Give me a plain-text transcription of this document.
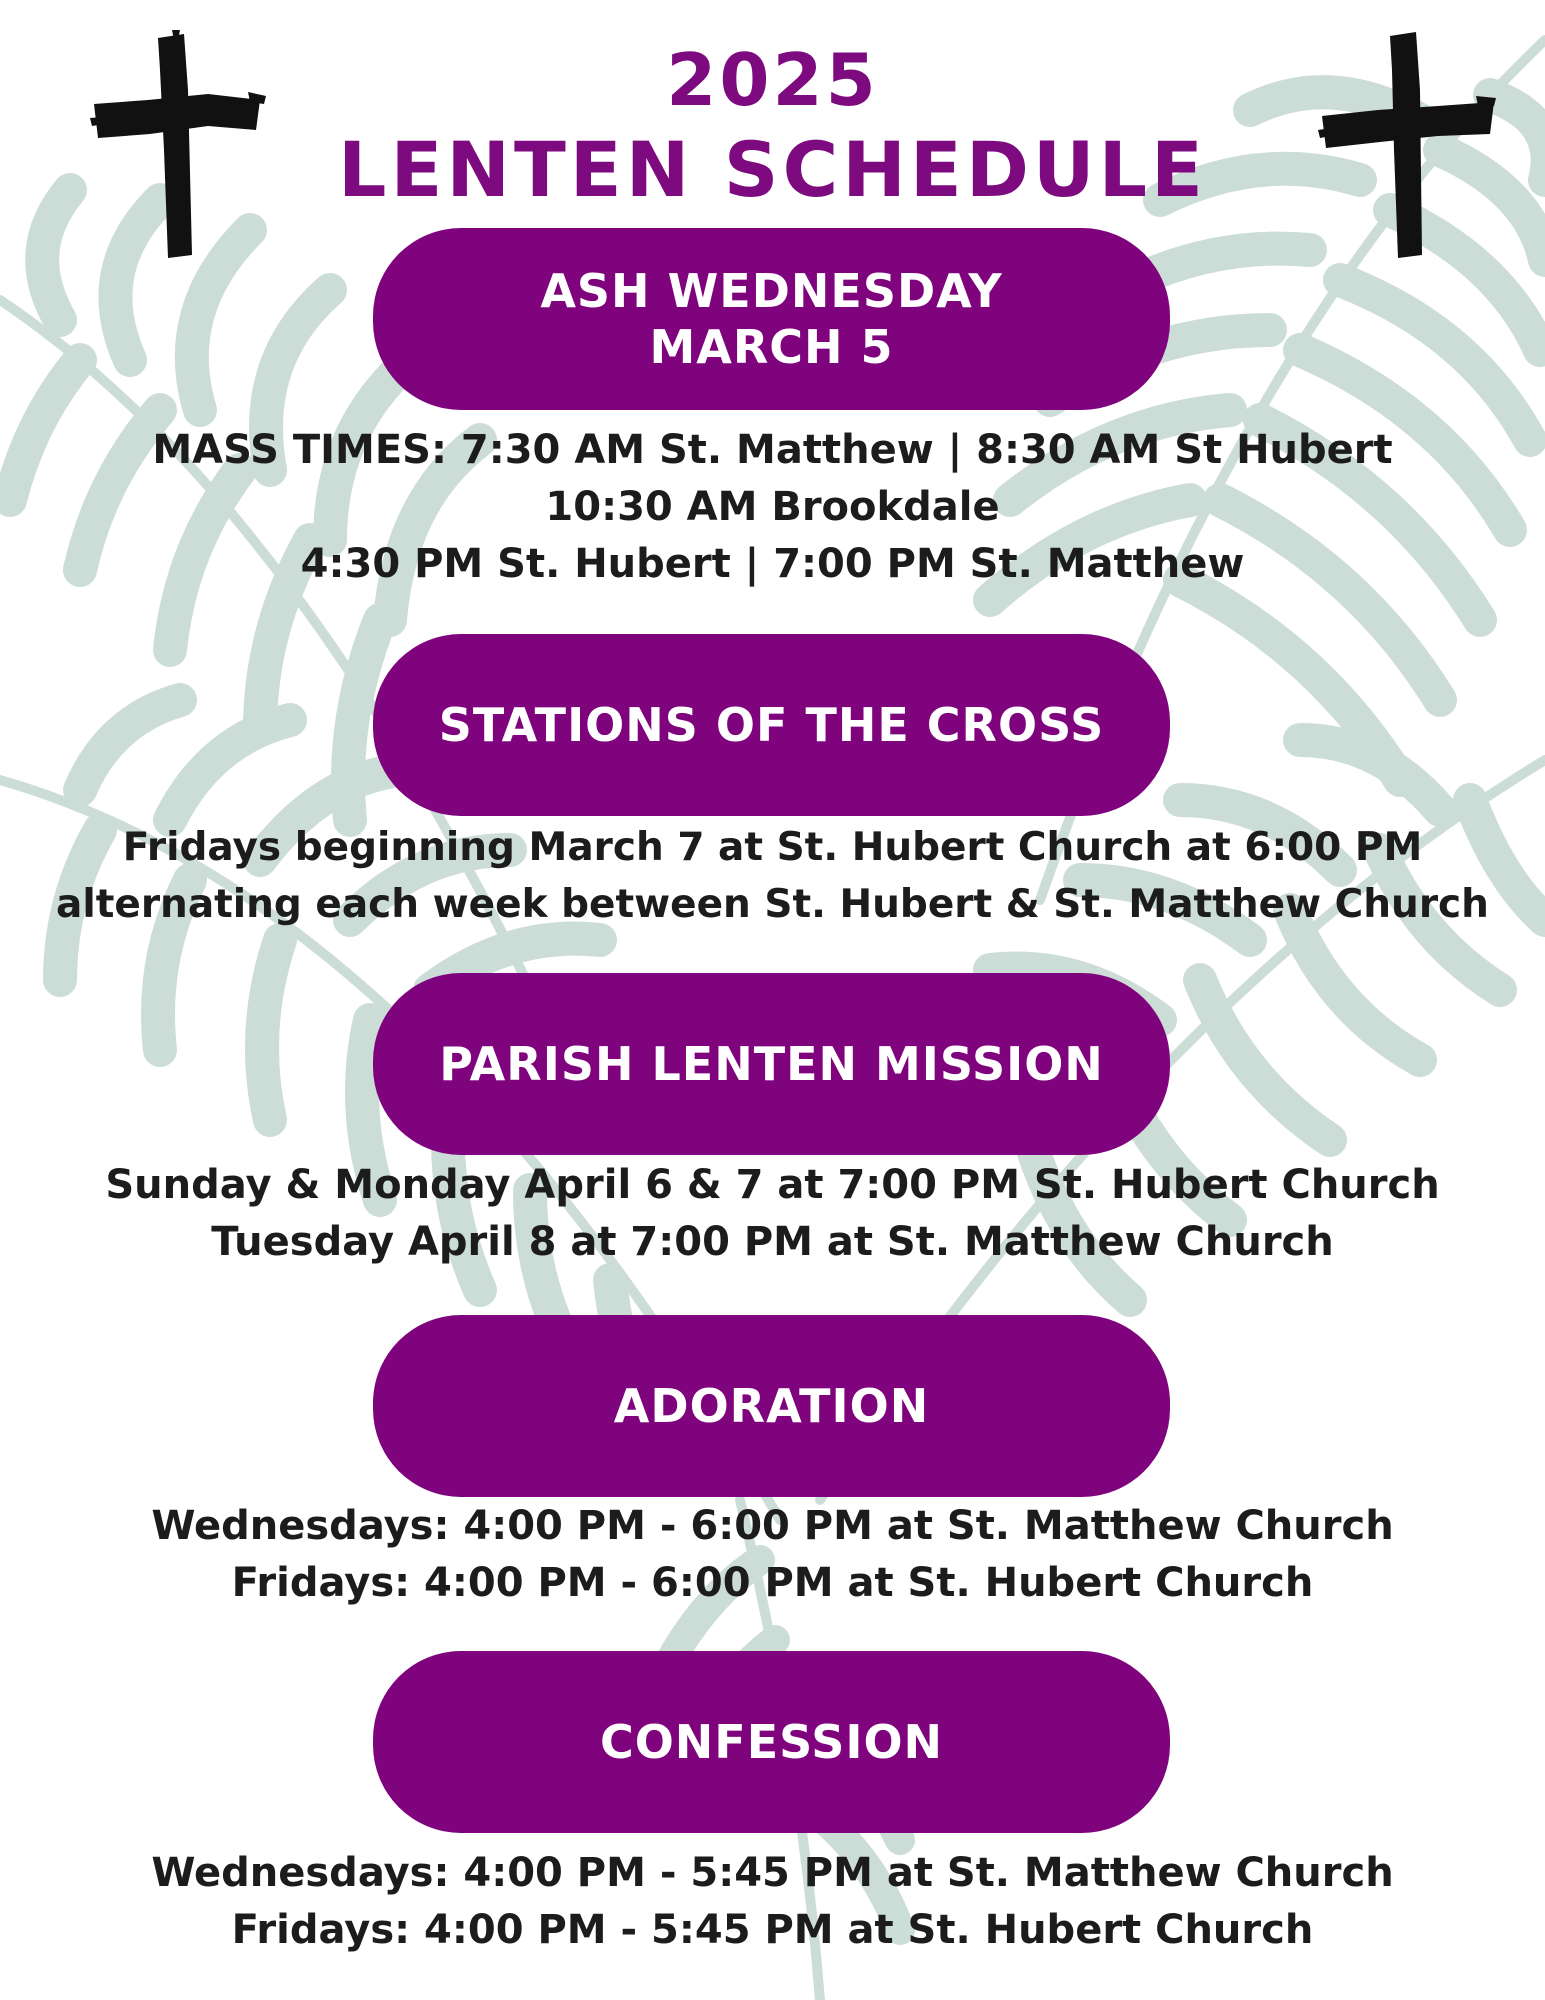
2025
LENTEN SCHEDULE
ASH WEDNESDAY
MARCH 5
MASS TIMES: 7:30 AM St. Matthew | 8:30 AM St Hubert
10:30 AM Brookdale
4:30 PM St. Hubert | 7:00 PM St. Matthew
STATIONS OF THE CROSS
Fridays beginning March 7 at St. Hubert Church at 6:00 PM
alternating each week between St. Hubert & St. Matthew Church
PARISH LENTEN MISSION
Sunday & Monday April 6 & 7 at 7:00 PM St. Hubert Church
Tuesday April 8 at 7:00 PM at St. Matthew Church
ADORATION
Wednesdays: 4:00 PM - 6:00 PM at St. Matthew Church
Fridays: 4:00 PM - 6:00 PM at St. Hubert Church
CONFESSION
Wednesdays: 4:00 PM - 5:45 PM at St. Matthew Church
Fridays: 4:00 PM - 5:45 PM at St. Hubert Church
